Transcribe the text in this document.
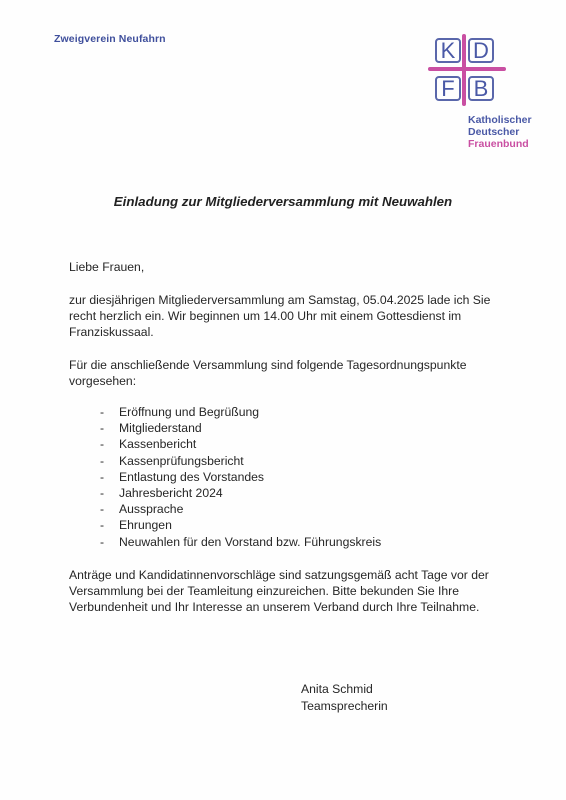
Zweigverein Neufahrn	K D
F B
Katholischer
Deutscher
Frauenbund
Einladung zur Mitgliederversammlung mit Neuwahlen
Liebe Frauen,
zur diesjährigen Mitgliederversammlung am Samstag, 05.04.2025 lade ich Sie recht herzlich ein. Wir beginnen um 14.00 Uhr mit einem Gottesdienst im Franziskussaal.
Für die anschließende Versammlung sind folgende Tagesordnungspunkte vorgesehen:
- Eröffnung und Begrüßung
- Mitgliederstand
- Kassenbericht
- Kassenprüfungsbericht
- Entlastung des Vorstandes
- Jahresbericht 2024
- Aussprache
- Ehrungen
- Neuwahlen für den Vorstand bzw. Führungskreis
Anträge und Kandidatinnenvorschläge sind satzungsgemäß acht Tage vor der Versammlung bei der Teamleitung einzureichen. Bitte bekunden Sie Ihre Verbundenheit und Ihr Interesse an unserem Verband durch Ihre Teilnahme.
Anita Schmid
Teamsprecherin
